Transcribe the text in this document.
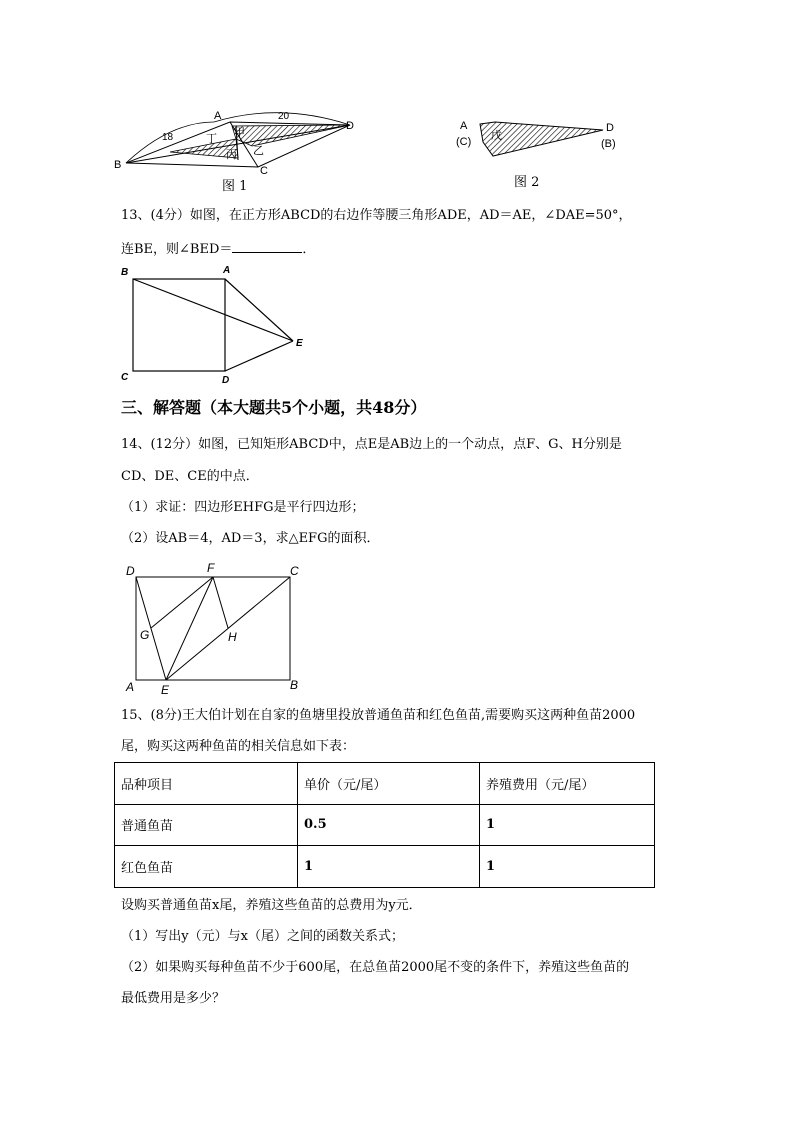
A
B	C
D
18
20
甲
丁
丙 乙
图 1
A
(C)
D
(B)
戊
图 2
13、(4分）如图，在正方形ABCD的右边作等腰三角形ADE，AD＝AE，∠DAE=50°，
连BE，则∠BED＝	．
B	A
C	D
E
三、解答题（本大题共5个小题，共48分）
14、(12分）如图，已知矩形ABCD中，点E是AB边上的一个动点，点F、G、H分别是
CD、DE、CE的中点．
（1）求证：四边形EHFG是平行四边形；
（2）设AB＝4，AD＝3，求△EFG的面积．
D	F	C
G	H
A E	B
15、(8分)王大伯计划在自家的鱼塘里投放普通鱼苗和红色鱼苗,需要购买这两种鱼苗2000
尾，购买这两种鱼苗的相关信息如下表：
品种项目	单价（元/尾）	养殖费用（元/尾）
普通鱼苗	0.5	1
红色鱼苗	1	1
设购买普通鱼苗x尾，养殖这些鱼苗的总费用为y元．
（1）写出y（元）与x（尾）之间的函数关系式；
（2）如果购买每种鱼苗不少于600尾，在总鱼苗2000尾不变的条件下，养殖这些鱼苗的
最低费用是多少？
